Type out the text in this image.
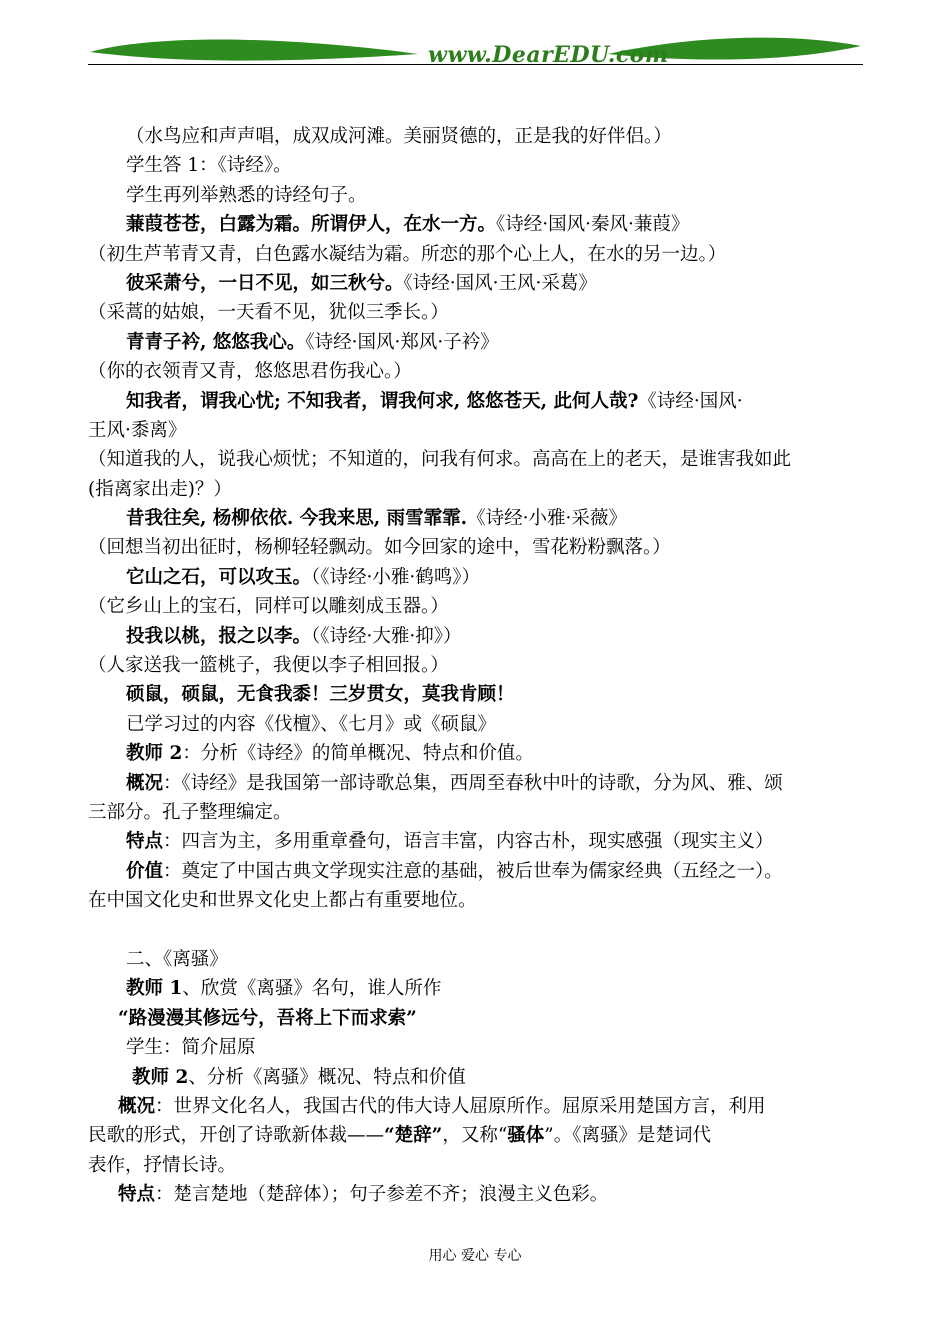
www.DearEDU.com
（水鸟应和声声唱，成双成河滩。美丽贤德的，正是我的好伴侣。）
学生答 1：《诗经》。
学生再列举熟悉的诗经句子。
蒹葭苍苍，白露为霜。所谓伊人，在水一方。《诗经·国风·秦风·蒹葭》
（初生芦苇青又青，白色露水凝结为霜。所恋的那个心上人，在水的另一边。）
彼采萧兮，一日不见，如三秋兮。《诗经·国风·王风·采葛》
（采蒿的姑娘，一天看不见，犹似三季长。）
青青子衿, 悠悠我心。《诗经·国风·郑风·子衿》
（你的衣领青又青，悠悠思君伤我心。）
知我者，谓我心忧; 不知我者，谓我何求, 悠悠苍天, 此何人哉?《诗经·国风·
王风·黍离》
（知道我的人，说我心烦忧；不知道的，问我有何求。高高在上的老天，是谁害我如此
(指离家出走)？）
昔我往矣, 杨柳依依. 今我来思, 雨雪霏霏.《诗经·小雅·采薇》
（回想当初出征时，杨柳轻轻飘动。如今回家的途中，雪花粉粉飘落。）
它山之石，可以攻玉。（《诗经·小雅·鹤鸣》）
（它乡山上的宝石，同样可以雕刻成玉器。）
投我以桃，报之以李。（《诗经·大雅·抑》）
（人家送我一篮桃子，我便以李子相回报。）
硕鼠，硕鼠，无食我黍！三岁贯女，莫我肯顾！
已学习过的内容《伐檀》、《七月》或《硕鼠》
教师 2：分析《诗经》的简单概况、特点和价值。
概况：《诗经》是我国第一部诗歌总集，西周至春秋中叶的诗歌，分为风、雅、颂
三部分。孔子整理编定。
特点：四言为主，多用重章叠句，语言丰富，内容古朴，现实感强（现实主义）
价值：奠定了中国古典文学现实注意的基础，被后世奉为儒家经典（五经之一）。
在中国文化史和世界文化史上都占有重要地位。
二、《离骚》
教师 1、欣赏《离骚》名句，谁人所作
“路漫漫其修远兮，吾将上下而求索”
学生：简介屈原
教师 2、分析《离骚》概况、特点和价值
概况：世界文化名人，我国古代的伟大诗人屈原所作。屈原采用楚国方言，利用
民歌的形式，开创了诗歌新体裁——“楚辞”，又称“骚体”。《离骚》是楚词代
表作，抒情长诗。
特点：楚言楚地（楚辞体）；句子参差不齐；浪漫主义色彩。
用心 爱心 专心
